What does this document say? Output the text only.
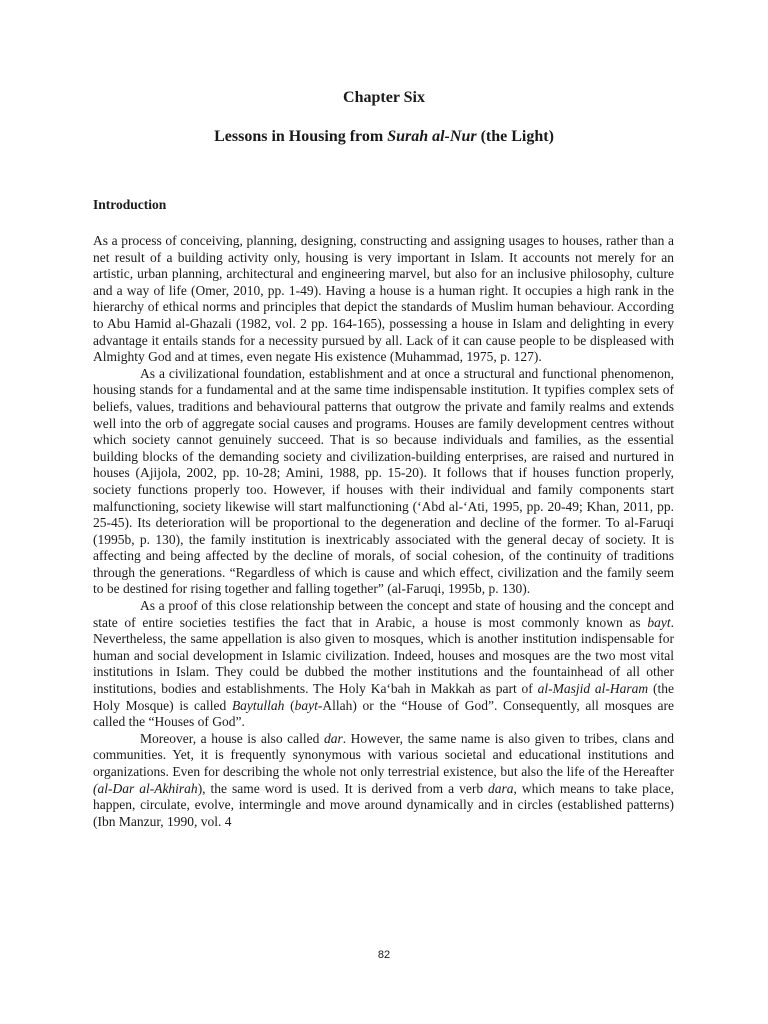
Chapter Six
Lessons in Housing from Surah al-Nur (the Light)
Introduction

As a process of conceiving, planning, designing, constructing and assigning usages to houses, rather than a net result of a building activity only, housing is very important in Islam. It accounts not merely for an artistic, urban planning, architectural and engineering marvel, but also for an inclusive philosophy, culture and a way of life (Omer, 2010, pp. 1-49). Having a house is a human right. It occupies a high rank in the hierarchy of ethical norms and principles that depict the standards of Muslim human behaviour. According to Abu Hamid al-Ghazali (1982, vol. 2 pp. 164-165), possessing a house in Islam and delighting in every advantage it entails stands for a necessity pursued by all. Lack of it can cause people to be displeased with Almighty God and at times, even negate His existence (Muhammad, 1975, p. 127).

As a civilizational foundation, establishment and at once a structural and functional phenomenon, housing stands for a fundamental and at the same time indispensable institution. It typifies complex sets of beliefs, values, traditions and behavioural patterns that outgrow the private and family realms and extends well into the orb of aggregate social causes and programs. Houses are family development centres without which society cannot genuinely succeed. That is so because individuals and families, as the essential building blocks of the demanding society and civilization-building enterprises, are raised and nurtured in houses (Ajijola, 2002, pp. 10-28; Amini, 1988, pp. 15-20). It follows that if houses function properly, society functions properly too. However, if houses with their individual and family components start malfunctioning, society likewise will start malfunctioning (‘Abd al-‘Ati, 1995, pp. 20-49; Khan, 2011, pp. 25-45). Its deterioration will be proportional to the degeneration and decline of the former. To al-Faruqi (1995b, p. 130), the family institution is inextricably associated with the general decay of society. It is affecting and being affected by the decline of morals, of social cohesion, of the continuity of traditions through the generations. “Regardless of which is cause and which effect, civilization and the family seem to be destined for rising together and falling together” (al-Faruqi, 1995b, p. 130).

As a proof of this close relationship between the concept and state of housing and the concept and state of entire societies testifies the fact that in Arabic, a house is most commonly known as bayt. Nevertheless, the same appellation is also given to mosques, which is another institution indispensable for human and social development in Islamic civilization. Indeed, houses and mosques are the two most vital institutions in Islam. They could be dubbed the mother institutions and the fountainhead of all other institutions, bodies and establishments. The Holy Ka‘bah in Makkah as part of al-Masjid al-Haram (the Holy Mosque) is called Baytullah (bayt-Allah) or the “House of God”. Consequently, all mosques are called the “Houses of God”.

Moreover, a house is also called dar. However, the same name is also given to tribes, clans and communities. Yet, it is frequently synonymous with various societal and educational institutions and organizations. Even for describing the whole not only terrestrial existence, but also the life of the Hereafter (al-Dar al-Akhirah), the same word is used. It is derived from a verb dara, which means to take place, happen, circulate, evolve, intermingle and move around dynamically and in circles (established patterns) (Ibn Manzur, 1990, vol. 4

82
